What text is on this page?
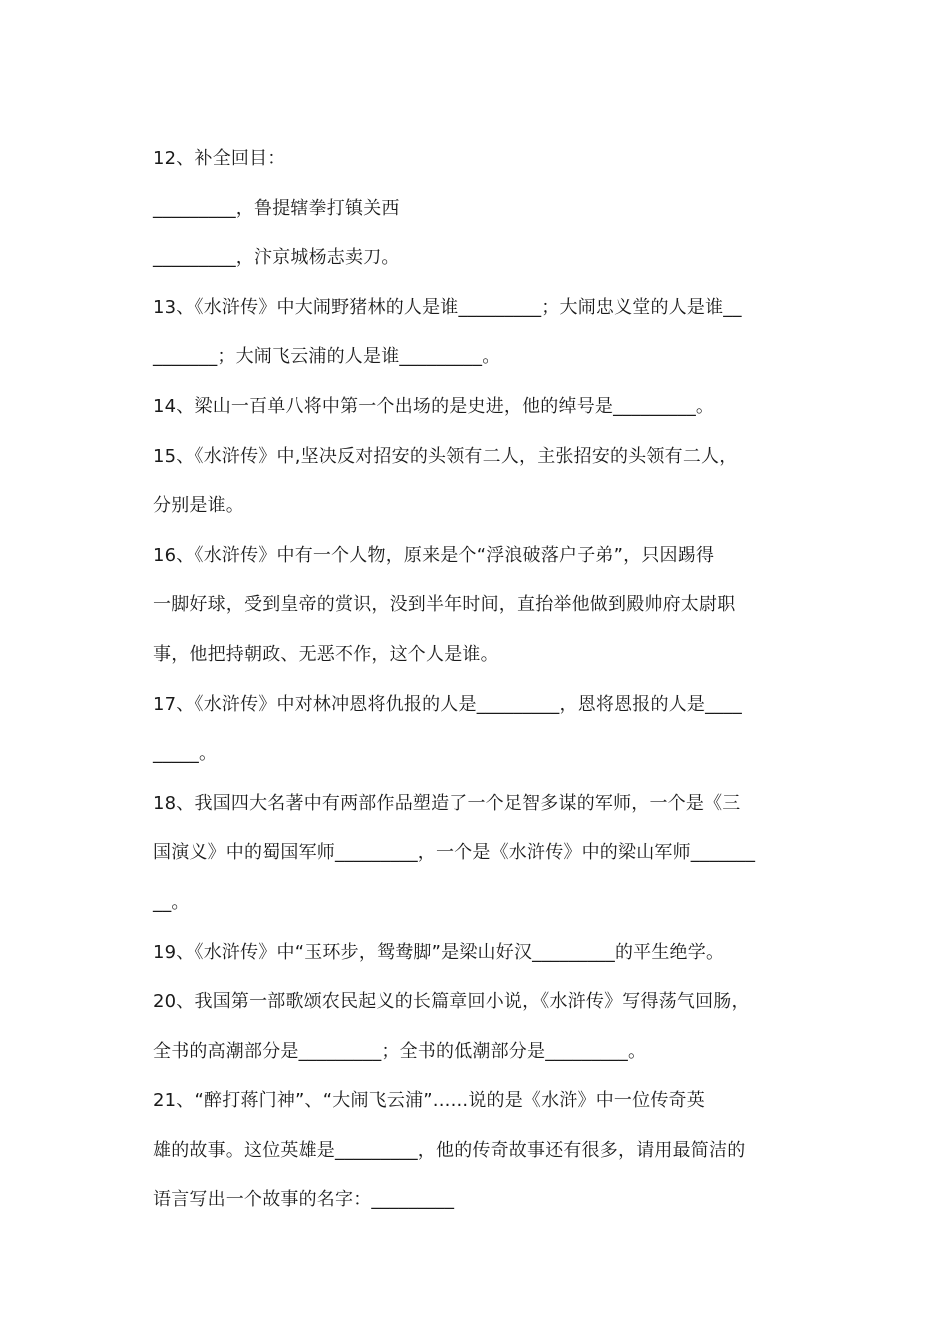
12、补全回目：
_________，鲁提辖拳打镇关西
_________，汴京城杨志卖刀。
13、《水浒传》中大闹野猪林的人是谁_________；大闹忠义堂的人是谁__
_______；大闹飞云浦的人是谁_________。
14、梁山一百单八将中第一个出场的是史进，他的绰号是_________。
15、《水浒传》中,坚决反对招安的头领有二人，主张招安的头领有二人，
分别是谁。
16、《水浒传》中有一个人物，原来是个“浮浪破落户子弟”，只因踢得
一脚好球，受到皇帝的赏识，没到半年时间，直抬举他做到殿帅府太尉职
事，他把持朝政、无恶不作，这个人是谁。
17、《水浒传》中对林冲恩将仇报的人是_________，恩将恩报的人是____
_____。
18、我国四大名著中有两部作品塑造了一个足智多谋的军师，一个是《三
国演义》中的蜀国军师_________，一个是《水浒传》中的梁山军师_______
__。
19、《水浒传》中“玉环步，鸳鸯脚”是梁山好汉_________的平生绝学。
20、我国第一部歌颂农民起义的长篇章回小说，《水浒传》写得荡气回肠，
全书的高潮部分是_________；全书的低潮部分是_________。
21、“醉打蒋门神”、“大闹飞云浦”......说的是《水浒》中一位传奇英
雄的故事。这位英雄是_________，他的传奇故事还有很多，请用最简洁的
语言写出一个故事的名字：_________
